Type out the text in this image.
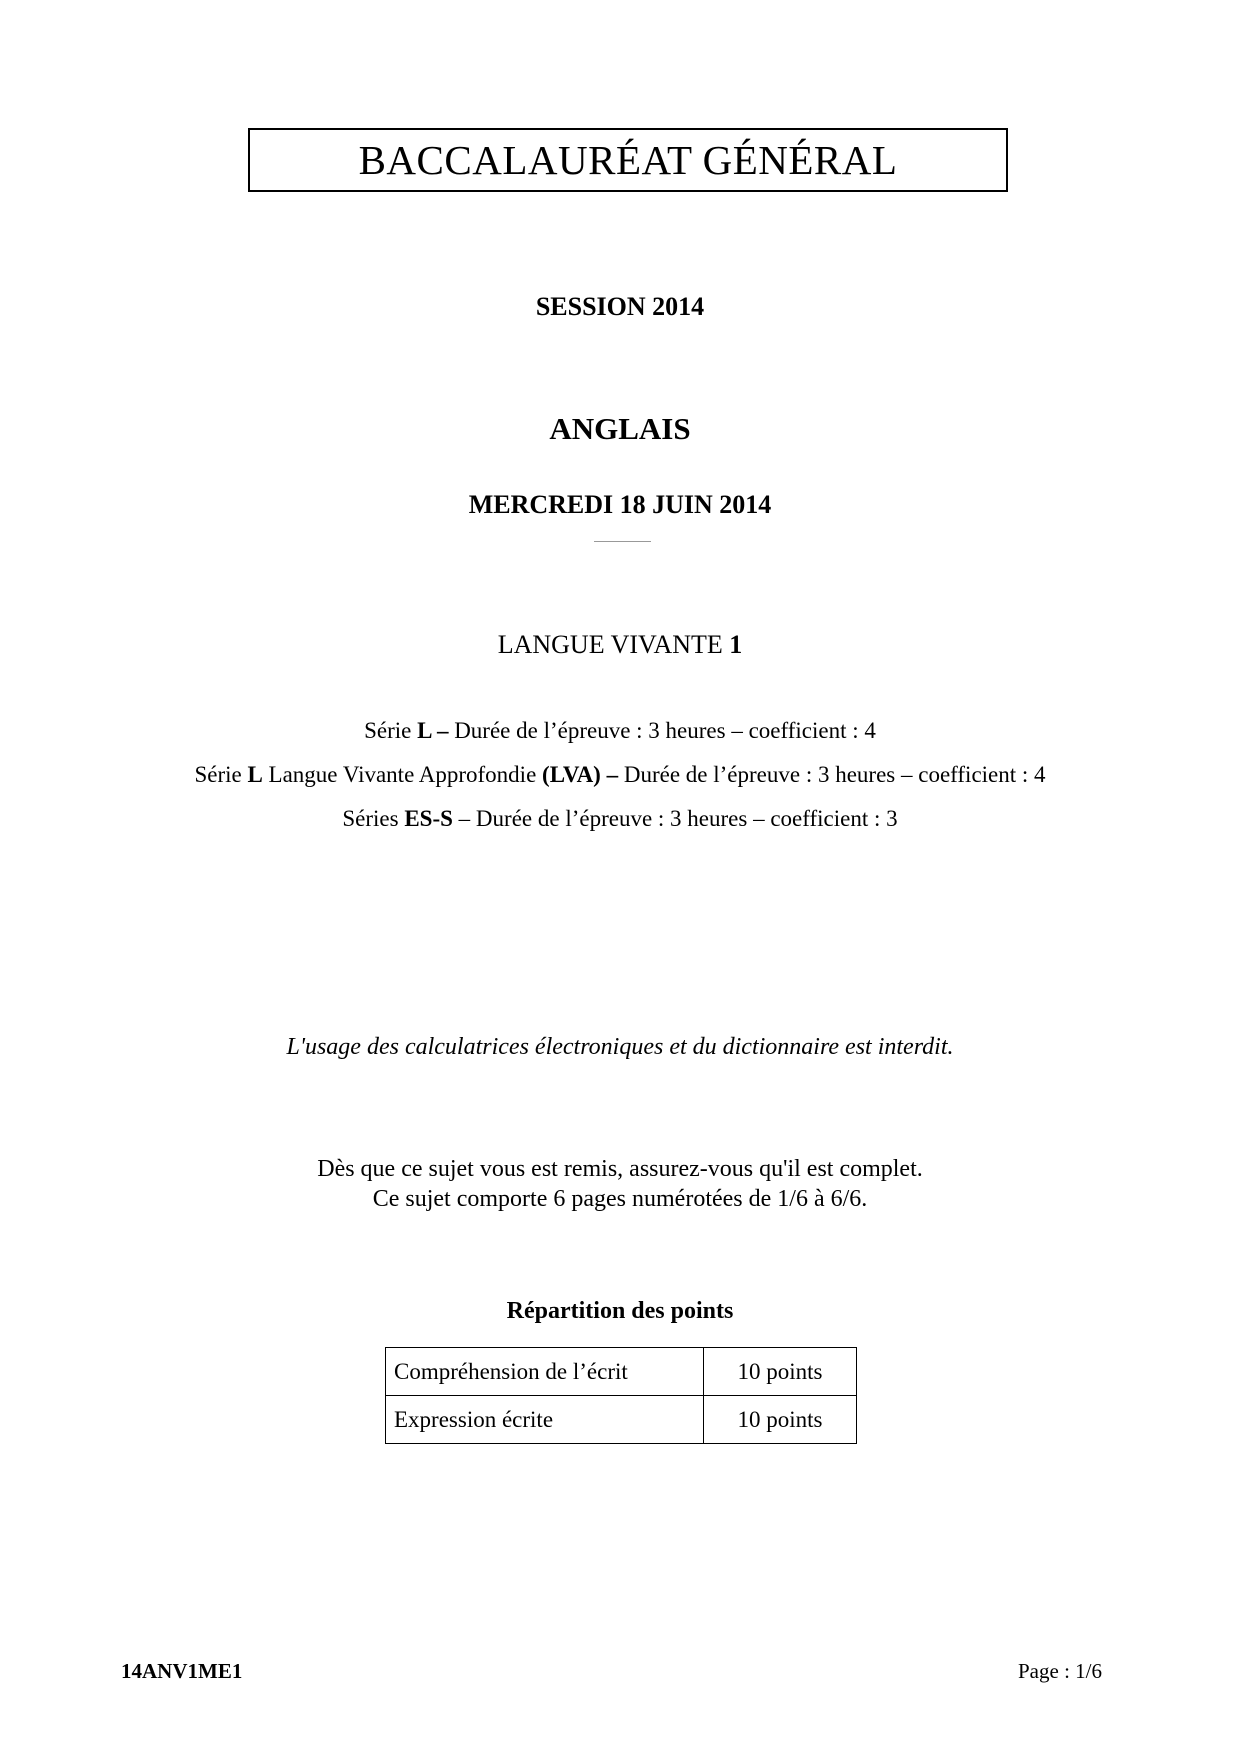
BACCALAURÉAT GÉNÉRAL
SESSION 2014
ANGLAIS
MERCREDI 18 JUIN 2014
LANGUE VIVANTE 1
Série L – Durée de l’épreuve : 3 heures – coefficient : 4
Série L Langue Vivante Approfondie (LVA) – Durée de l’épreuve : 3 heures – coefficient : 4
Séries ES-S – Durée de l’épreuve : 3 heures – coefficient : 3
L'usage des calculatrices électroniques et du dictionnaire est interdit.
Dès que ce sujet vous est remis, assurez-vous qu'il est complet.
Ce sujet comporte 6 pages numérotées de 1/6 à 6/6.
Répartition des points
Compréhension de l’écrit	10 points
Expression écrite	10 points
14ANV1ME1	Page : 1/6
